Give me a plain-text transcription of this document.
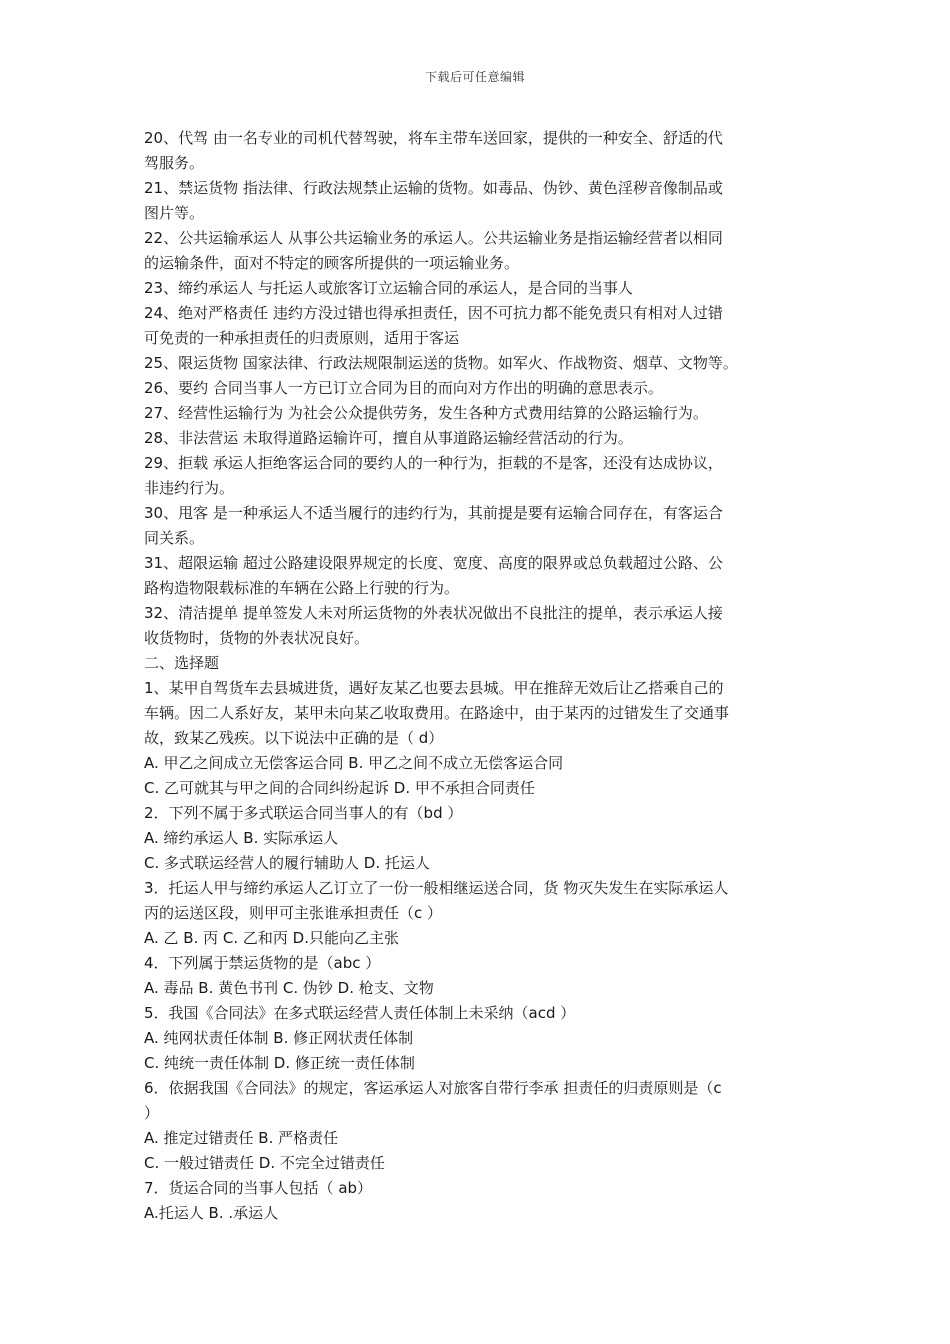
下载后可任意编辑
20、代驾 由一名专业的司机代替驾驶，将车主带车送回家，提供的一种安全、舒适的代
驾服务。
21、禁运货物 指法律、行政法规禁止运输的货物。如毒品、伪钞、黄色淫秽音像制品或
图片等。
22、公共运输承运人 从事公共运输业务的承运人。公共运输业务是指运输经营者以相同
的运输条件，面对不特定的顾客所提供的一项运输业务。
23、缔约承运人 与托运人或旅客订立运输合同的承运人，是合同的当事人
24、绝对严格责任 违约方没过错也得承担责任，因不可抗力都不能免责只有相对人过错
可免责的一种承担责任的归责原则，适用于客运
25、限运货物 国家法律、行政法规限制运送的货物。如军火、作战物资、烟草、文物等。
26、要约 合同当事人一方已订立合同为目的而向对方作出的明确的意思表示。
27、经营性运输行为 为社会公众提供劳务，发生各种方式费用结算的公路运输行为。
28、非法营运 未取得道路运输许可，擅自从事道路运输经营活动的行为。
29、拒载 承运人拒绝客运合同的要约人的一种行为，拒载的不是客，还没有达成协议，
非违约行为。
30、甩客 是一种承运人不适当履行的违约行为，其前提是要有运输合同存在，有客运合
同关系。
31、超限运输 超过公路建设限界规定的长度、宽度、高度的限界或总负载超过公路、公
路构造物限载标准的车辆在公路上行驶的行为。
32、清洁提单 提单签发人未对所运货物的外表状况做出不良批注的提单，表示承运人接
收货物时，货物的外表状况良好。
二、选择题
1、某甲自驾货车去县城进货，遇好友某乙也要去县城。甲在推辞无效后让乙搭乘自己的
车辆。因二人系好友，某甲未向某乙收取费用。在路途中，由于某丙的过错发生了交通事
故，致某乙残疾。以下说法中正确的是（ d）
A. 甲乙之间成立无偿客运合同 B. 甲乙之间不成立无偿客运合同
C. 乙可就其与甲之间的合同纠纷起诉 D. 甲不承担合同责任
2．下列不属于多式联运合同当事人的有（bd ）
A. 缔约承运人 B. 实际承运人
C. 多式联运经营人的履行辅助人 D. 托运人
3．托运人甲与缔约承运人乙订立了一份一般相继运送合同，货 物灭失发生在实际承运人
丙的运送区段，则甲可主张谁承担责任（c ）
A. 乙 B. 丙 C. 乙和丙 D.只能向乙主张
4．下列属于禁运货物的是（abc ）
A. 毒品 B. 黄色书刊 C. 伪钞 D. 枪支、文物
5．我国《合同法》在多式联运经营人责任体制上未采纳（acd ）
A. 纯网状责任体制 B. 修正网状责任体制
C. 纯统一责任体制 D. 修正统一责任体制
6．依据我国《合同法》的规定，客运承运人对旅客自带行李承 担责任的归责原则是（c
）
A. 推定过错责任 B. 严格责任
C. 一般过错责任 D. 不完全过错责任
7．货运合同的当事人包括（ ab）
A.托运人 B. .承运人
